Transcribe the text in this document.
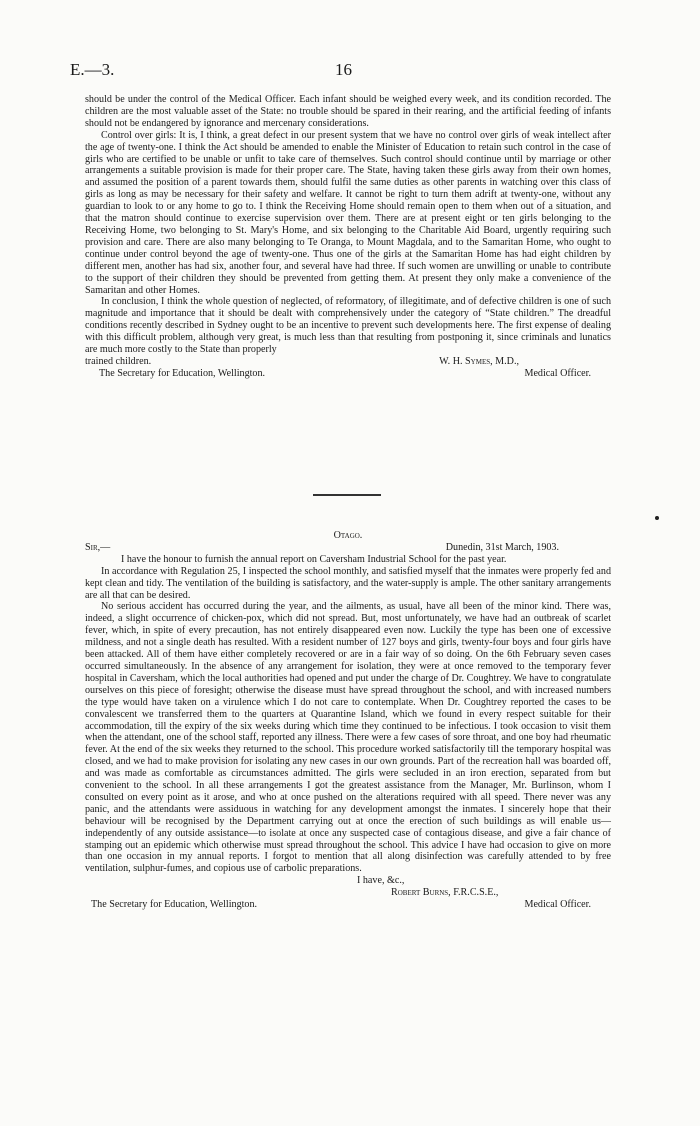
E.—3.	16

should be under the control of the Medical Officer. Each infant should be weighed every week, and its condition recorded. The children are the most valuable asset of the State: no trouble should be spared in their rearing, and the artificial feeding of infants should not be endangered by ignorance and mercenary considerations.

Control over girls: It is, I think, a great defect in our present system that we have no control over girls of weak intellect after the age of twenty-one. I think the Act should be amended to enable the Minister of Education to retain such control in the case of girls who are certified to be unable or unfit to take care of themselves. Such control should continue until by marriage or other arrangements a suitable provision is made for their proper care. The State, having taken these girls away from their own homes, and assumed the position of a parent towards them, should fulfil the same duties as other parents in watching over this class of girls as long as may be necessary for their safety and welfare. It cannot be right to turn them adrift at twenty-one, without any guardian to look to or any home to go to. I think the Receiving Home should remain open to them when out of a situation, and that the matron should continue to exercise supervision over them. There are at present eight or ten girls belonging to the Receiving Home, two belonging to St. Mary's Home, and six belonging to the Charitable Aid Board, urgently requiring such provision and care. There are also many belonging to Te Oranga, to Mount Magdala, and to the Samaritan Home, who ought to continue under control beyond the age of twenty-one. Thus one of the girls at the Samaritan Home has had eight children by different men, another has had six, another four, and several have had three. If such women are unwilling or unable to contribute to the support of their children they should be prevented from getting them. At present they only make a convenience of the Samaritan and other Homes.

In conclusion, I think the whole question of neglected, of reformatory, of illegitimate, and of defective children is one of such magnitude and importance that it should be dealt with comprehensively under the category of “State children.” The dreadful conditions recently described in Sydney ought to be an incentive to prevent such developments here. The first expense of dealing with this difficult problem, although very great, is much less than that resulting from postponing it, since criminals and lunatics are much more costly to the State than properly

trained children.	W. H. Symes, M.D.,
The Secretary for Education, Wellington.	Medical Officer.
Otago.
Sir,—	Dunedin, 31st March, 1903.

I have the honour to furnish the annual report on Caversham Industrial School for the past year.

In accordance with Regulation 25, I inspected the school monthly, and satisfied myself that the inmates were properly fed and kept clean and tidy. The ventilation of the building is satisfactory, and the water-supply is ample. The other sanitary arrangements are all that can be desired.

No serious accident has occurred during the year, and the ailments, as usual, have all been of the minor kind. There was, indeed, a slight occurrence of chicken-pox, which did not spread. But, most unfortunately, we have had an outbreak of scarlet fever, which, in spite of every precaution, has not entirely disappeared even now. Luckily the type has been one of excessive mildness, and not a single death has resulted. With a resident number of 127 boys and girls, twenty-four boys and four girls have been attacked. All of them have either completely recovered or are in a fair way of so doing. On the 6th February seven cases occurred simultaneously. In the absence of any arrangement for isolation, they were at once removed to the temporary fever hospital in Caversham, which the local authorities had opened and put under the charge of Dr. Coughtrey. We have to congratulate ourselves on this piece of foresight; otherwise the disease must have spread throughout the school, and with increased numbers the type would have taken on a virulence which I do not care to contemplate. When Dr. Coughtrey reported the cases to be convalescent we transferred them to the quarters at Quarantine Island, which we found in every respect suitable for their accommodation, till the expiry of the six weeks during which time they continued to be infectious. I took occasion to visit them when the attendant, one of the school staff, reported any illness. There were a few cases of sore throat, and one boy had rheumatic fever. At the end of the six weeks they returned to the school. This procedure worked satisfactorily till the temporary hospital was closed, and we had to make provision for isolating any new cases in our own grounds. Part of the recreation hall was boarded off, and was made as comfortable as circumstances admitted. The girls were secluded in an iron erection, separated from but convenient to the school. In all these arrangements I got the greatest assistance from the Manager, Mr. Burlinson, whom I consulted on every point as it arose, and who at once pushed on the alterations required with all speed. There never was any panic, and the attendants were assiduous in watching for any development amongst the inmates. I sincerely hope that their behaviour will be recognised by the Department carrying out at once the erection of such buildings as will enable us—independently of any outside assistance—to isolate at once any suspected case of contagious disease, and give a fair chance of stamping out an epidemic which otherwise must spread throughout the school. This advice I have had occasion to give on more than one occasion in my annual reports. I forgot to mention that all along disinfection was carefully attended to by free ventilation, sulphur-fumes, and copious use of carbolic preparations.

I have, &c.,
Robert Burns, F.R.C.S.E.,
The Secretary for Education, Wellington.	Medical Officer.
